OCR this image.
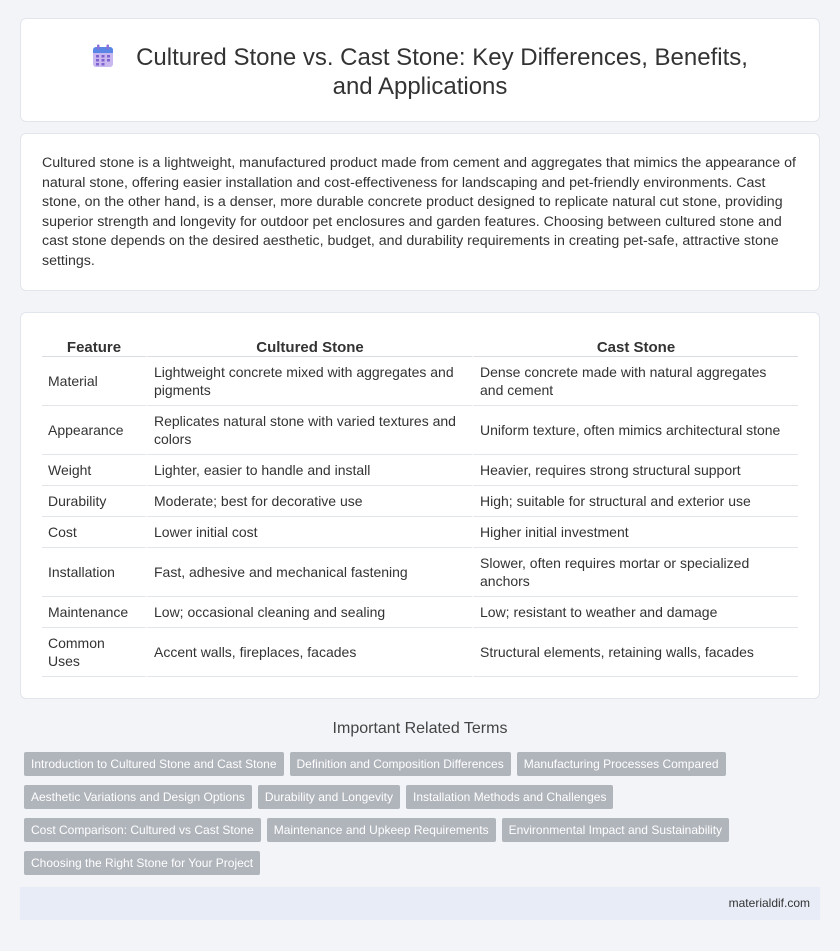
Cultured Stone vs. Cast Stone: Key Differences, Benefits, and Applications

Cultured stone is a lightweight, manufactured product made from cement and aggregates that mimics the appearance of natural stone, offering easier installation and cost-effectiveness for landscaping and pet-friendly environments. Cast stone, on the other hand, is a denser, more durable concrete product designed to replicate natural cut stone, providing superior strength and longevity for outdoor pet enclosures and garden features. Choosing between cultured stone and cast stone depends on the desired aesthetic, budget, and durability requirements in creating pet-safe, attractive stone settings.

Feature	Cultured Stone	Cast Stone
Material	Lightweight concrete mixed with aggregates and pigments	Dense concrete made with natural aggregates and cement
Appearance	Replicates natural stone with varied textures and colors	Uniform texture, often mimics architectural stone
Weight	Lighter, easier to handle and install	Heavier, requires strong structural support
Durability	Moderate; best for decorative use	High; suitable for structural and exterior use
Cost	Lower initial cost	Higher initial investment
Installation	Fast, adhesive and mechanical fastening	Slower, often requires mortar or specialized anchors
Maintenance	Low; occasional cleaning and sealing	Low; resistant to weather and damage
Common Uses	Accent walls, fireplaces, facades	Structural elements, retaining walls, facades
Important Related Terms
Introduction to Cultured Stone and Cast Stone Definition and Composition Differences Manufacturing Processes Compared
Aesthetic Variations and Design Options Durability and Longevity Installation Methods and Challenges
Cost Comparison: Cultured vs Cast Stone Maintenance and Upkeep Requirements Environmental Impact and Sustainability
Choosing the Right Stone for Your Project
materialdif.com
